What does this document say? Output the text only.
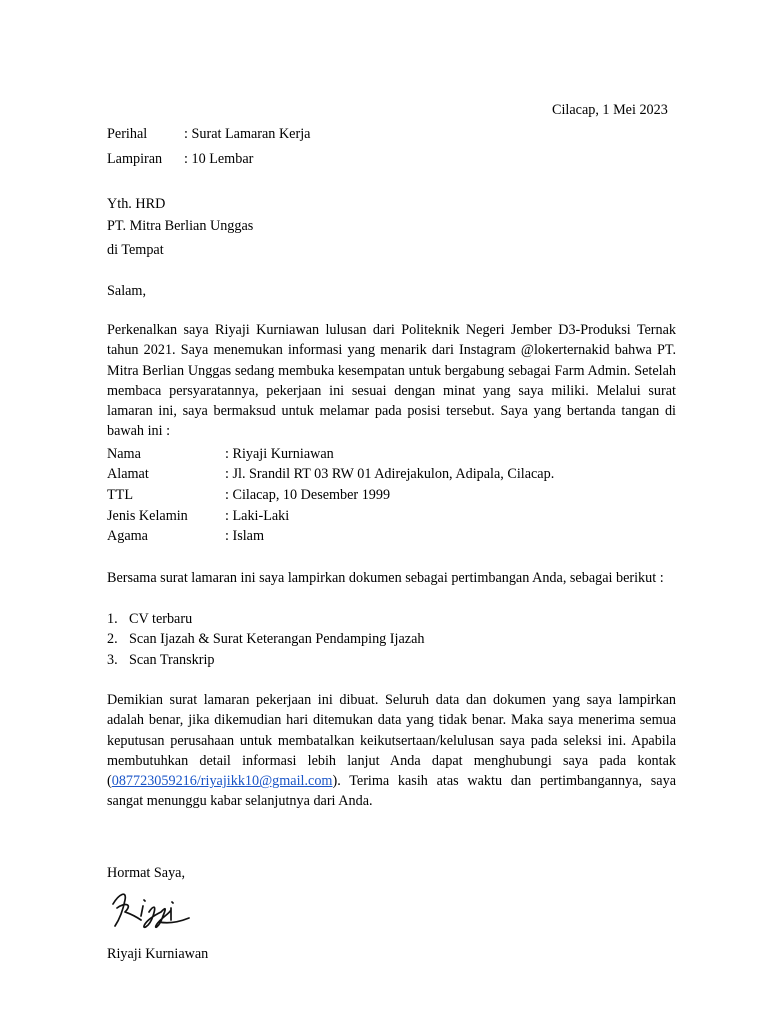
Cilacap, 1 Mei 2023
Perihal	: Surat Lamaran Kerja
Lampiran : 10 Lembar
Yth. HRD
PT. Mitra Berlian Unggas
di Tempat
Salam,
Perkenalkan saya Riyaji Kurniawan lulusan dari Politeknik Negeri Jember D3-Produksi Ternak tahun 2021. Saya menemukan informasi yang menarik dari Instagram @lokerternakid bahwa PT. Mitra Berlian Unggas sedang membuka kesempatan untuk bergabung sebagai Farm Admin. Setelah membaca persyaratannya, pekerjaan ini sesuai dengan minat yang saya miliki. Melalui surat lamaran ini, saya bermaksud untuk melamar pada posisi tersebut. Saya yang bertanda tangan di bawah ini :
Nama	: Riyaji Kurniawan
Alamat	: Jl. Srandil RT 03 RW 01 Adirejakulon, Adipala, Cilacap.
TTL	: Cilacap, 10 Desember 1999
Jenis Kelamin	: Laki-Laki
Agama	: Islam
Bersama surat lamaran ini saya lampirkan dokumen sebagai pertimbangan Anda, sebagai berikut :
1. CV terbaru
2. Scan Ijazah & Surat Keterangan Pendamping Ijazah
3. Scan Transkrip
Demikian surat lamaran pekerjaan ini dibuat. Seluruh data dan dokumen yang saya lampirkan adalah benar, jika dikemudian hari ditemukan data yang tidak benar. Maka saya menerima semua keputusan perusahaan untuk membatalkan keikutsertaan/kelulusan saya pada seleksi ini. Apabila membutuhkan detail informasi lebih lanjut Anda dapat menghubungi saya pada kontak (087723059216/riyajikk10@gmail.com). Terima kasih atas waktu dan pertimbangannya, saya sangat menunggu kabar selanjutnya dari Anda.
Hormat Saya,
Riyaji Kurniawan
